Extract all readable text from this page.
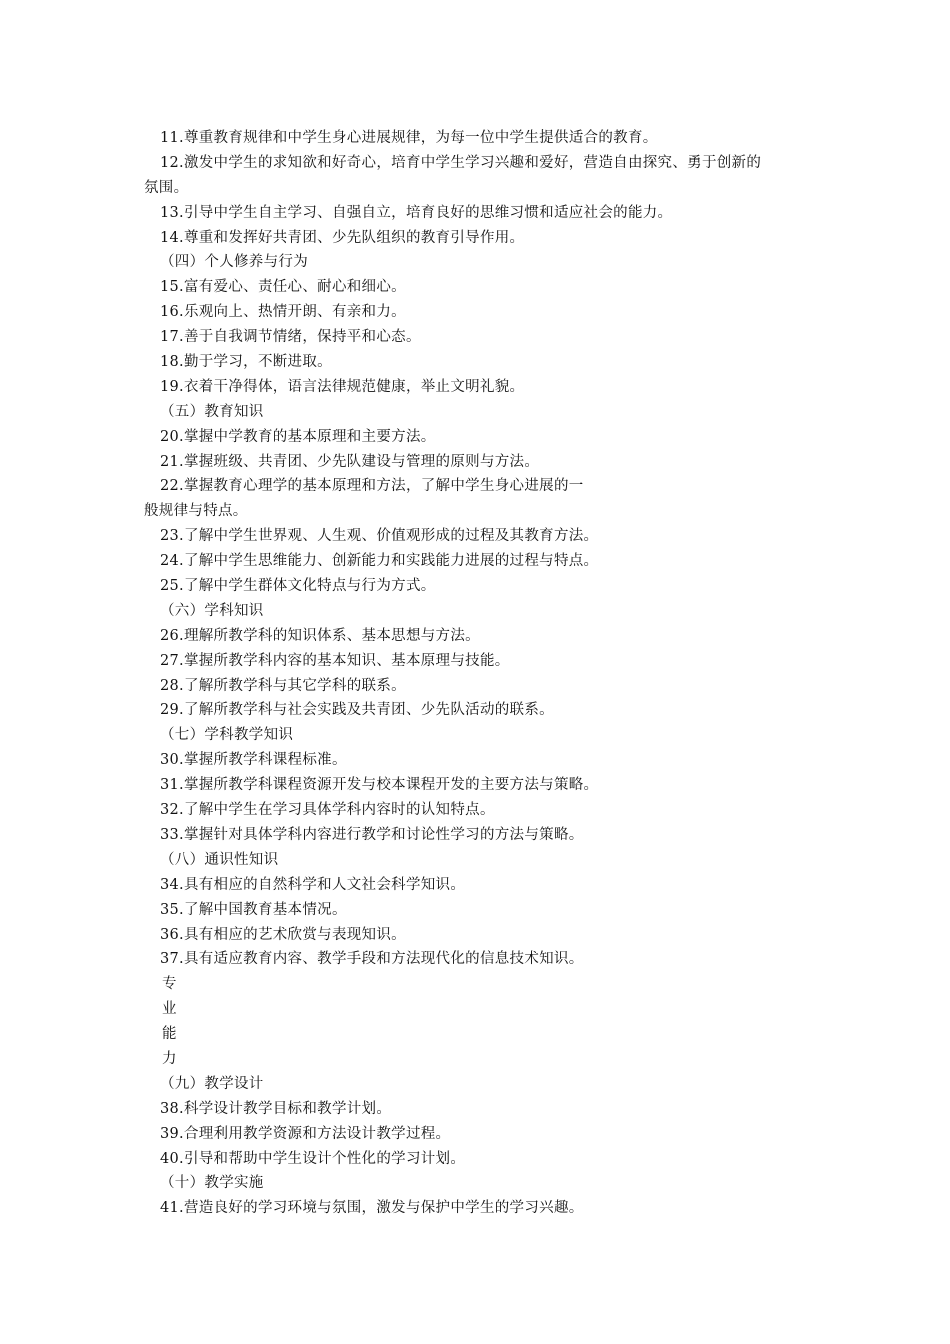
11.尊重教育规律和中学生身心进展规律，为每一位中学生提供适合的教育。
12.激发中学生的求知欲和好奇心，培育中学生学习兴趣和爱好，营造自由探究、勇于创新的
氛围。
13.引导中学生自主学习、自强自立，培育良好的思维习惯和适应社会的能力。
14.尊重和发挥好共青团、少先队组织的教育引导作用。
（四）个人修养与行为
15.富有爱心、责任心、耐心和细心。
16.乐观向上、热情开朗、有亲和力。
17.善于自我调节情绪，保持平和心态。
18.勤于学习，不断进取。
19.衣着干净得体，语言法律规范健康，举止文明礼貌。
（五）教育知识
20.掌握中学教育的基本原理和主要方法。
21.掌握班级、共青团、少先队建设与管理的原则与方法。
22.掌握教育心理学的基本原理和方法，了解中学生身心进展的一
般规律与特点。
23.了解中学生世界观、人生观、价值观形成的过程及其教育方法。
24.了解中学生思维能力、创新能力和实践能力进展的过程与特点。
25.了解中学生群体文化特点与行为方式。
（六）学科知识
26.理解所教学科的知识体系、基本思想与方法。
27.掌握所教学科内容的基本知识、基本原理与技能。
28.了解所教学科与其它学科的联系。
29.了解所教学科与社会实践及共青团、少先队活动的联系。
（七）学科教学知识
30.掌握所教学科课程标准。
31.掌握所教学科课程资源开发与校本课程开发的主要方法与策略。
32.了解中学生在学习具体学科内容时的认知特点。
33.掌握针对具体学科内容进行教学和讨论性学习的方法与策略。
（八）通识性知识
34.具有相应的自然科学和人文社会科学知识。
35.了解中国教育基本情况。
36.具有相应的艺术欣赏与表现知识。
37.具有适应教育内容、教学手段和方法现代化的信息技术知识。
专
业
能
力
（九）教学设计
38.科学设计教学目标和教学计划。
39.合理利用教学资源和方法设计教学过程。
40.引导和帮助中学生设计个性化的学习计划。
（十）教学实施
41.营造良好的学习环境与氛围，激发与保护中学生的学习兴趣。
